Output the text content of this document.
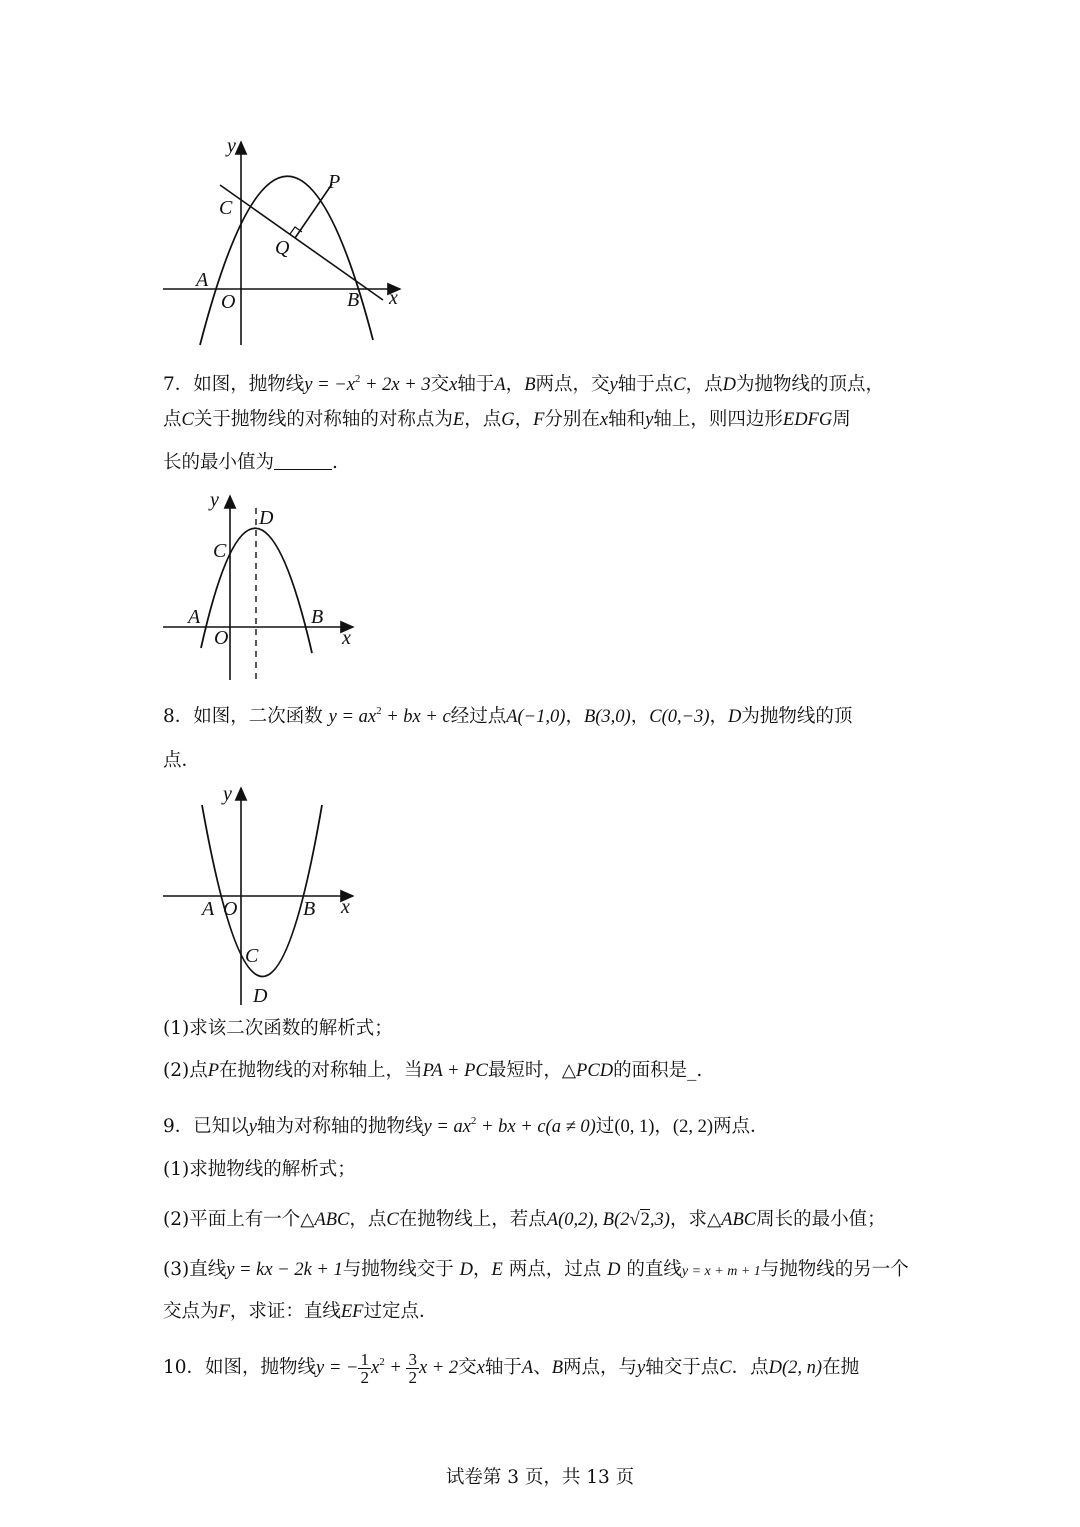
y
x
C
P
Q
A
O	B
7．如图，抛物线$y = -x^2 + 2x + 3$交x轴于A，B两点，交y轴于点C，点D为抛物线的顶点，
点C关于抛物线的对称轴的对称点为E，点G，F分别在x轴和y轴上，则四边形EDFG周
长的最小值为	.
y
x
D
C
A	B
O
8．如图，二次函数 $y = ax^2$ + bx + c经过点A(−1,0)，B(3,0)，C(0,−3)，D为抛物线的顶
点．
y
x
A O	B
C
D
(1)求该二次函数的解析式；
(2)点P在抛物线的对称轴上，当PA + PC最短时，△PCD的面积是_.
9．已知以y轴为对称轴的抛物线$y = ax^2$ + bx + c(a ≠ 0)过(0, 1)，(2, 2)两点．
(1)求抛物线的解析式；
(2)平面上有一个△ABC，点C在抛物线上，若点A(0,2), B(2√2,3)，求△ABC周长的最小值；
(3)直线y = kx − 2k + 1与抛物线交于 D，E 两点，过点 D 的直线y = x + m + 1与抛物线的另一个
交点为F，求证：直线EF过定点．
10．如图，抛物线y = − $\frac{1}{2} x^2 + \frac{3}{2}$ x + 2交x轴于A、B两点，与y轴交于点C．点D(2, n)在抛
试卷第 3 页，共 13 页
